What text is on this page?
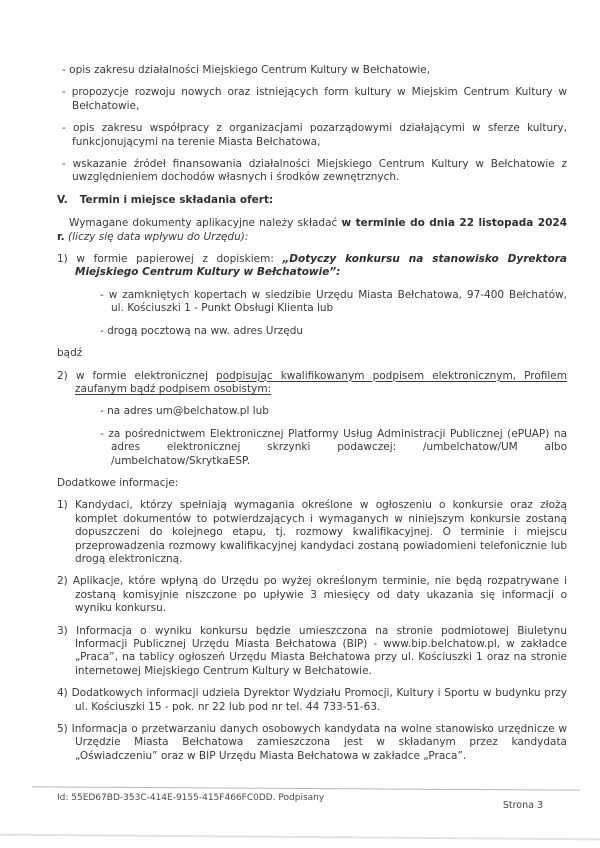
- opis zakresu działalności Miejskiego Centrum Kultury w Bełchatowie,

- propozycje rozwoju nowych oraz istniejących form kultury w Miejskim Centrum Kultury w Bełchatowie,

- opis zakresu współpracy z organizacjami pozarządowymi działającymi w sferze kultury, funkcjonującymi na terenie Miasta Bełchatowa,

- wskazanie źródeł finansowania działalności Miejskiego Centrum Kultury w Bełchatowie z uwzględnieniem dochodów własnych i środków zewnętrznych.

V. Termin i miejsce składania ofert:

Wymagane dokumenty aplikacyjne należy składać w terminie do dnia 22 listopada 2024 r. (liczy się data wpływu do Urzędu):

1) w formie papierowej z dopiskiem: „Dotyczy konkursu na stanowisko Dyrektora Miejskiego Centrum Kultury w Bełchatowie”:

- w zamkniętych kopertach w siedzibie Urzędu Miasta Bełchatowa, 97-400 Bełchatów, ul. Kościuszki 1 - Punkt Obsługi Klienta lub

- drogą pocztową na ww. adres Urzędu

bądź

2) w formie elektronicznej podpisując kwalifikowanym podpisem elektronicznym, Profilem zaufanym bądź podpisem osobistym:

- na adres um@belchatow.pl lub

- za pośrednictwem Elektronicznej Platformy Usług Administracji Publicznej (ePUAP) na adres elektronicznej skrzynki podawczej: /umbelchatow/UM albo /umbelchatow/SkrytkaESP.

Dodatkowe informacje:

1) Kandydaci, którzy spełniają wymagania określone w ogłoszeniu o konkursie oraz złożą komplet dokumentów to potwierdzających i wymaganych w niniejszym konkursie zostaną dopuszczeni do kolejnego etapu, tj. rozmowy kwalifikacyjnej. O terminie i miejscu przeprowadzenia rozmowy kwalifikacyjnej kandydaci zostaną powiadomieni telefonicznie lub drogą elektroniczną.

2) Aplikacje, które wpłyną do Urzędu po wyżej określonym terminie, nie będą rozpatrywane i zostaną komisyjnie niszczone po upływie 3 miesięcy od daty ukazania się informacji o wyniku konkursu.

3) Informacja o wyniku konkursu będzie umieszczona na stronie podmiotowej Biuletynu Informacji Publicznej Urzędu Miasta Bełchatowa (BIP) - www.bip.belchatow.pl, w zakładce „Praca”, na tablicy ogłoszeń Urzędu Miasta Bełchatowa przy ul. Kościuszki 1 oraz na stronie internetowej Miejskiego Centrum Kultury w Bełchatowie.

4) Dodatkowych informacji udziela Dyrektor Wydziału Promocji, Kultury i Sportu w budynku przy ul. Kościuszki 15 - pok. nr 22 lub pod nr tel. 44 733-51-63.

5) Informacja o przetwarzaniu danych osobowych kandydata na wolne stanowisko urzędnicze w Urzędzie Miasta Bełchatowa zamieszczona jest w składanym przez kandydata „Oświadczeniu” oraz w BIP Urzędu Miasta Bełchatowa w zakładce „Praca”.

Id: 55ED67BD-353C-414E-9155-415F466FC0DD. Podpisany
Strona 3
